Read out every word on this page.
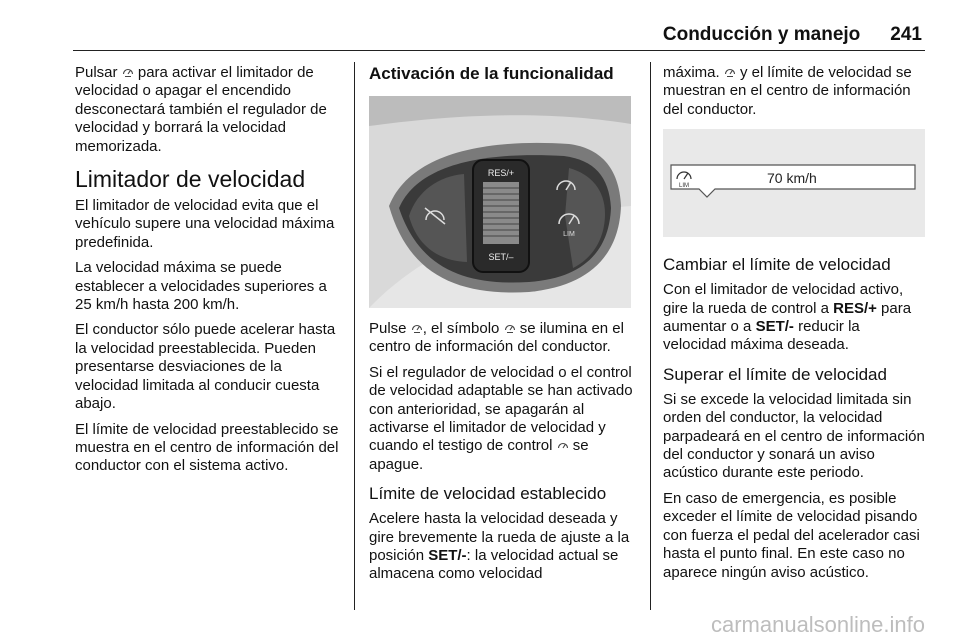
Conducción y manejo 241

Pulsar  para activar el limitador de velocidad o apagar el encendido desconectará también el regulador de velocidad y borrará la velocidad memorizada.

Limitador de velocidad

El limitador de velocidad evita que el vehículo supere una velocidad máxima predefinida.

La velocidad máxima se puede establecer a velocidades superiores a 25 km/h hasta 200 km/h.

El conductor sólo puede acelerar hasta la velocidad preestablecida. Pueden presentarse desviaciones de la velocidad limitada al conducir cuesta abajo.

El límite de velocidad preestablecido se muestra en el centro de información del conductor con el sistema activo.

Activación de la funcionalidad
RES/+
SET/–
LIM

Pulse , el símbolo  se ilumina en el centro de información del conductor.

Si el regulador de velocidad o el control de velocidad adaptable se han activado con anterioridad, se apagarán al activarse el limitador de velocidad y cuando el testigo de control  se apague.

Límite de velocidad establecido

Acelere hasta la velocidad deseada y gire brevemente la rueda de ajuste a la posición SET/-: la velocidad actual se almacena como velocidad

máxima.  y el límite de velocidad se muestran en el centro de información del conductor.

LIM	70 km/h
Cambiar el límite de velocidad

Con el limitador de velocidad activo, gire la rueda de control a RES/+ para aumentar o a SET/- reducir la velocidad máxima deseada.

Superar el límite de velocidad

Si se excede la velocidad limitada sin orden del conductor, la velocidad parpadeará en el centro de información del conductor y sonará un aviso acústico durante este periodo.

En caso de emergencia, es posible exceder el límite de velocidad pisando con fuerza el pedal del acelerador casi hasta el punto final. En este caso no aparece ningún aviso acústico.

carmanualsonline.info
